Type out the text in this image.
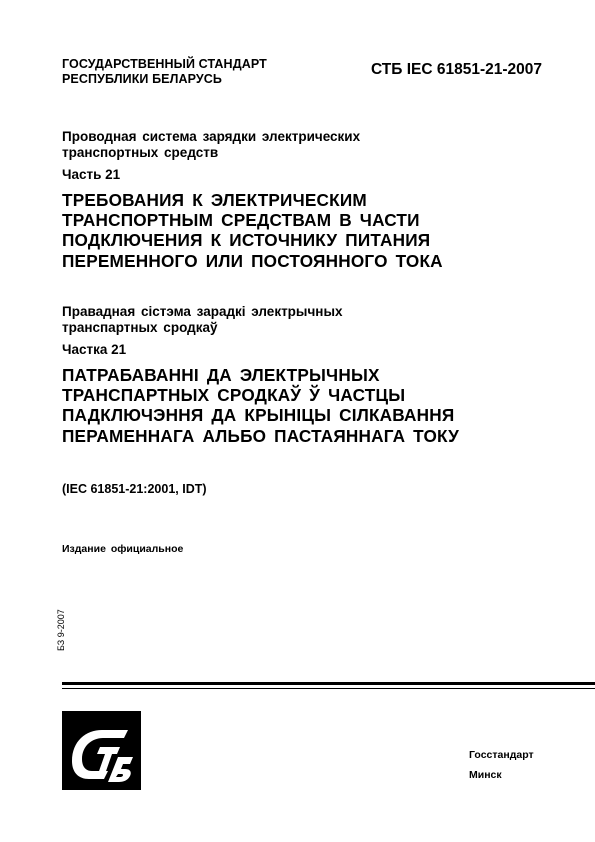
ГОСУДАРСТВЕННЫЙ СТАНДАРТ
РЕСПУБЛИКИ БЕЛАРУСЬ
СТБ IEC 61851-21-2007
Проводная система зарядки электрических
транспортных средств
Часть 21
ТРЕБОВАНИЯ К ЭЛЕКТРИЧЕСКИМ
ТРАНСПОРТНЫМ СРЕДСТВАМ В ЧАСТИ
ПОДКЛЮЧЕНИЯ К ИСТОЧНИКУ ПИТАНИЯ
ПЕРЕМЕННОГО ИЛИ ПОСТОЯННОГО ТОКА
Правадная сістэма зарадкі электрычных
транспартных сродкаў
Частка 21
ПАТРАБАВАННІ ДА ЭЛЕКТРЫЧНЫХ
ТРАНСПАРТНЫХ СРОДКАЎ Ў ЧАСТЦЫ
ПАДКЛЮЧЭННЯ ДА КРЫНІЦЫ СІЛКАВАННЯ
ПЕРАМЕННАГА АЛЬБО ПАСТАЯННАГА ТОКУ
(IEC 61851-21:2001, IDT)
Издание официальное
БЗ 9-2007
Госстандарт
Минск
